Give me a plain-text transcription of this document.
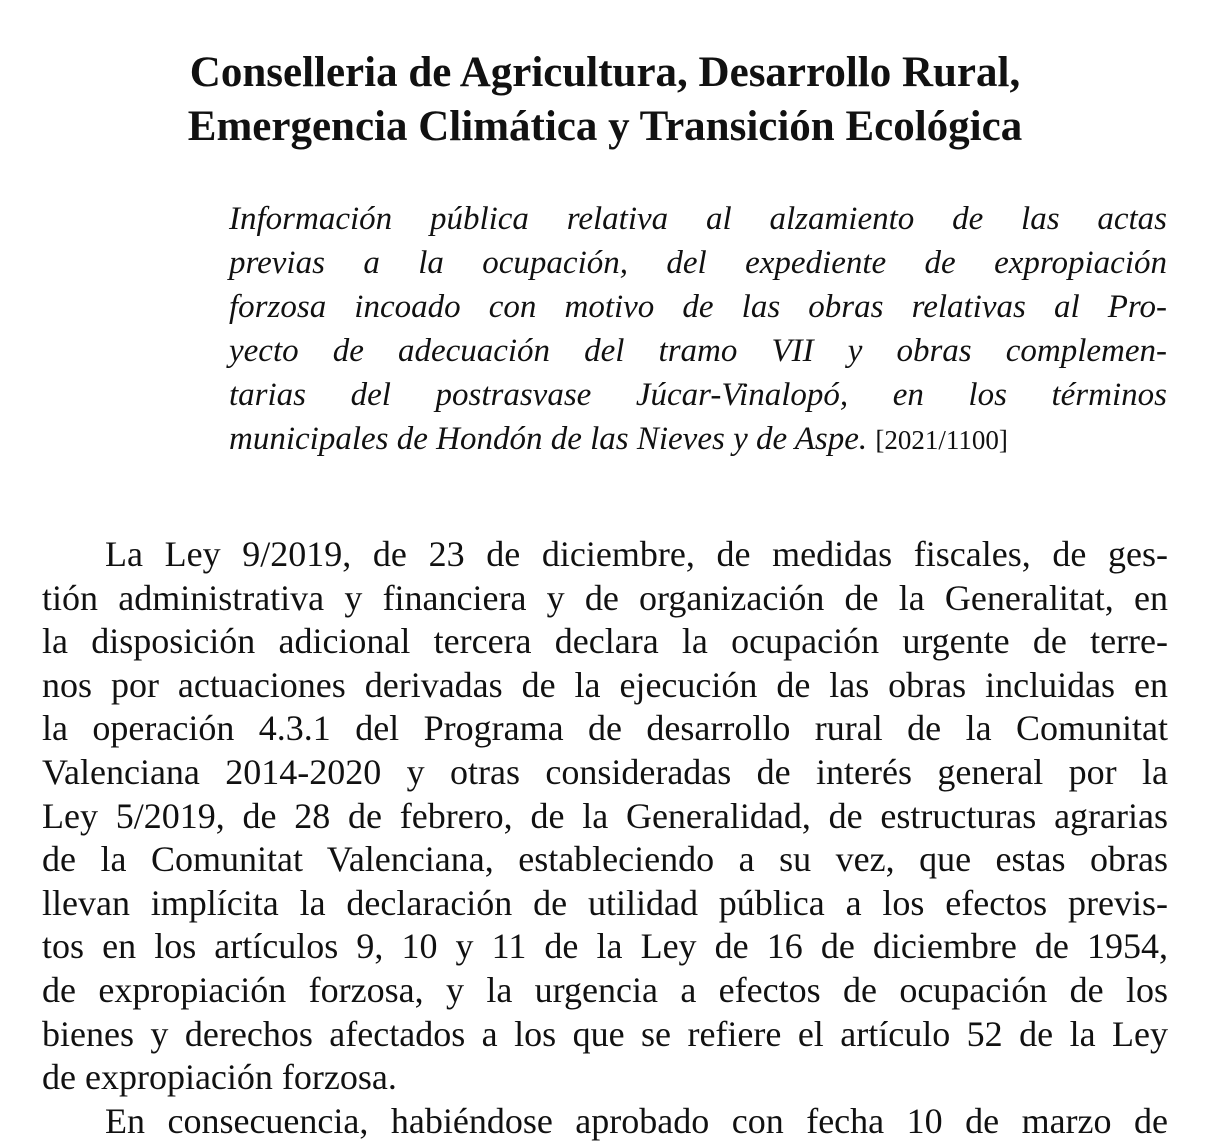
Conselleria de Agricultura, Desarrollo Rural,
Emergencia Climática y Transición Ecológica
Información pública relativa al alzamiento de las actas
previas a la ocupación, del expediente de expropiación
forzosa incoado con motivo de las obras relativas al Pro-
yecto de adecuación del tramo VII y obras complemen-
tarias del postrasvase Júcar-Vinalopó, en los términos
municipales de Hondón de las Nieves y de Aspe. [2021/1100]
La Ley 9/2019, de 23 de diciembre, de medidas fiscales, de ges-
tión administrativa y financiera y de organización de la Generalitat, en
la disposición adicional tercera declara la ocupación urgente de terre-
nos por actuaciones derivadas de la ejecución de las obras incluidas en
la operación 4.3.1 del Programa de desarrollo rural de la Comunitat
Valenciana 2014-2020 y otras consideradas de interés general por la
Ley 5/2019, de 28 de febrero, de la Generalidad, de estructuras agrarias
de la Comunitat Valenciana, estableciendo a su vez, que estas obras
llevan implícita la declaración de utilidad pública a los efectos previs-
tos en los artículos 9, 10 y 11 de la Ley de 16 de diciembre de 1954,
de expropiación forzosa, y la urgencia a efectos de ocupación de los
bienes y derechos afectados a los que se refiere el artículo 52 de la Ley
de expropiación forzosa.
En consecuencia, habiéndose aprobado con fecha 10 de marzo de
